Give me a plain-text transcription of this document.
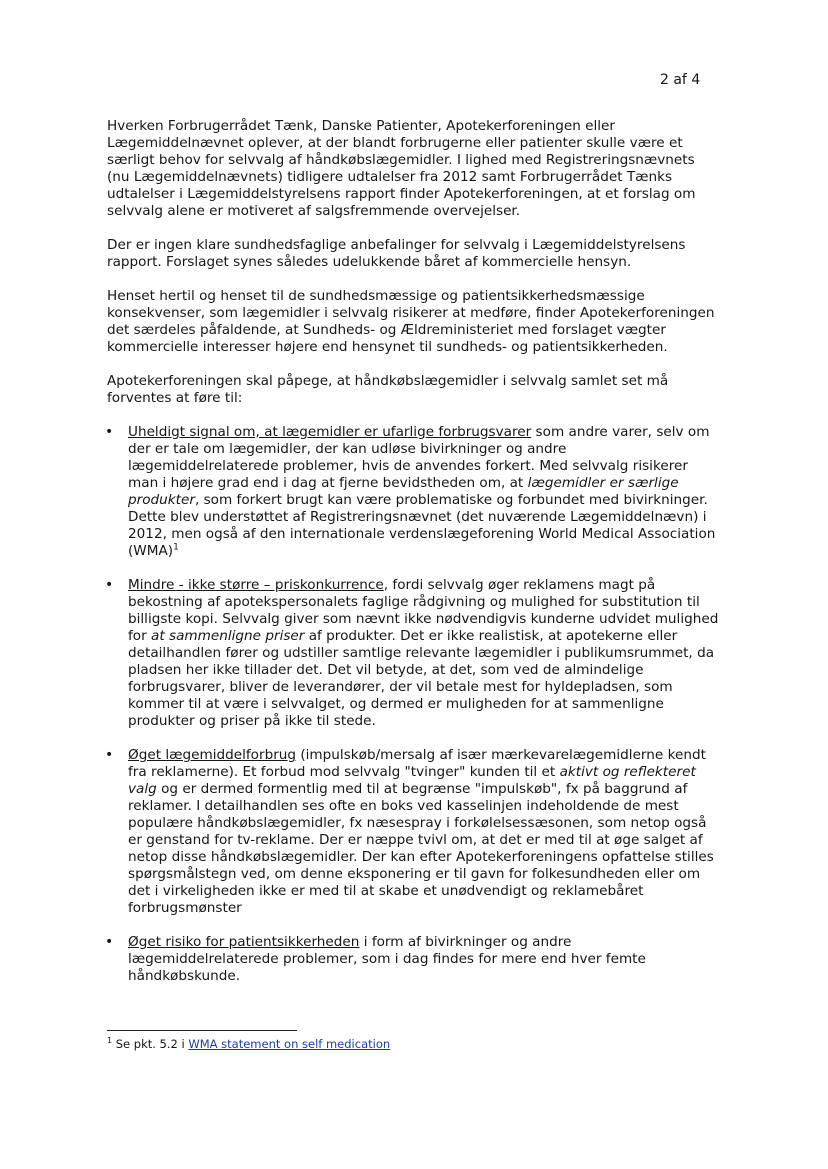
2 af 4

Hverken Forbrugerrådet Tænk, Danske Patienter, Apotekerforeningen eller Lægemiddelnævnet oplever, at der blandt forbrugerne eller patienter skulle være et særligt behov for selvvalg af håndkøbslægemidler. I lighed med Registreringsnævnets (nu Lægemiddelnævnets) tidligere udtalelser fra 2012 samt Forbrugerrådet Tænks udtalelser i Lægemiddelstyrelsens rapport finder Apotekerforeningen, at et forslag om selvvalg alene er motiveret af salgsfremmende overvejelser.

Der er ingen klare sundhedsfaglige anbefalinger for selvvalg i Lægemiddelstyrelsens rapport. Forslaget synes således udelukkende båret af kommercielle hensyn.

Henset hertil og henset til de sundhedsmæssige og patientsikkerhedsmæssige konsekvenser, som lægemidler i selvvalg risikerer at medføre, finder Apotekerforeningen det særdeles påfaldende, at Sundheds- og Ældreministeriet med forslaget vægter kommercielle interesser højere end hensynet til sundheds- og patientsikkerheden.

Apotekerforeningen skal påpege, at håndkøbslægemidler i selvvalg samlet set må forventes at føre til:

• Uheldigt signal om, at lægemidler er ufarlige forbrugsvarer som andre varer, selv om der er tale om lægemidler, der kan udløse bivirkninger og andre lægemiddelrelaterede problemer, hvis de anvendes forkert. Med selvvalg risikerer man i højere grad end i dag at fjerne bevidstheden om, at lægemidler er særlige produkter, som forkert brugt kan være problematiske og forbundet med bivirkninger. Dette blev understøttet af Registreringsnævnet (det nuværende Lægemiddelnævn) i 2012, men også af den internationale verdenslægeforening World Medical Association (WMA)$^1$
• Mindre - ikke større – priskonkurrence, fordi selvvalg øger reklamens magt på bekostning af apotekspersonalets faglige rådgivning og mulighed for substitution til billigste kopi. Selvvalg giver som nævnt ikke nødvendigvis kunderne udvidet mulighed for at sammenligne priser af produkter. Det er ikke realistisk, at apotekerne eller detailhandlen fører og udstiller samtlige relevante lægemidler i publikumsrummet, da pladsen her ikke tillader det. Det vil betyde, at det, som ved de almindelige forbrugsvarer, bliver de leverandører, der vil betale mest for hyldepladsen, som kommer til at være i selvvalget, og dermed er muligheden for at sammenligne produkter og priser på ikke til stede.
• Øget lægemiddelforbrug (impulskøb/mersalg af især mærkevarelægemidlerne kendt fra reklamerne). Et forbud mod selvvalg "tvinger" kunden til et aktivt og reflekteret valg og er dermed formentlig med til at begrænse "impulskøb", fx på baggrund af reklamer. I detailhandlen ses ofte en boks ved kasselinjen indeholdende de mest populære håndkøbslægemidler, fx næsespray i forkølelsessæsonen, som netop også er genstand for tv-reklame. Der er næppe tvivl om, at det er med til at øge salget af netop disse håndkøbslægemidler. Der kan efter Apotekerforeningens opfattelse stilles spørgsmålstegn ved, om denne eksponering er til gavn for folkesundheden eller om det i virkeligheden ikke er med til at skabe et unødvendigt og reklamebåret forbrugsmønster
• Øget risiko for patientsikkerheden i form af bivirkninger og andre lægemiddelrelaterede problemer, som i dag findes for mere end hver femte håndkøbskunde.
$^1$ Se pkt. 5.2 i WMA statement on self medication
